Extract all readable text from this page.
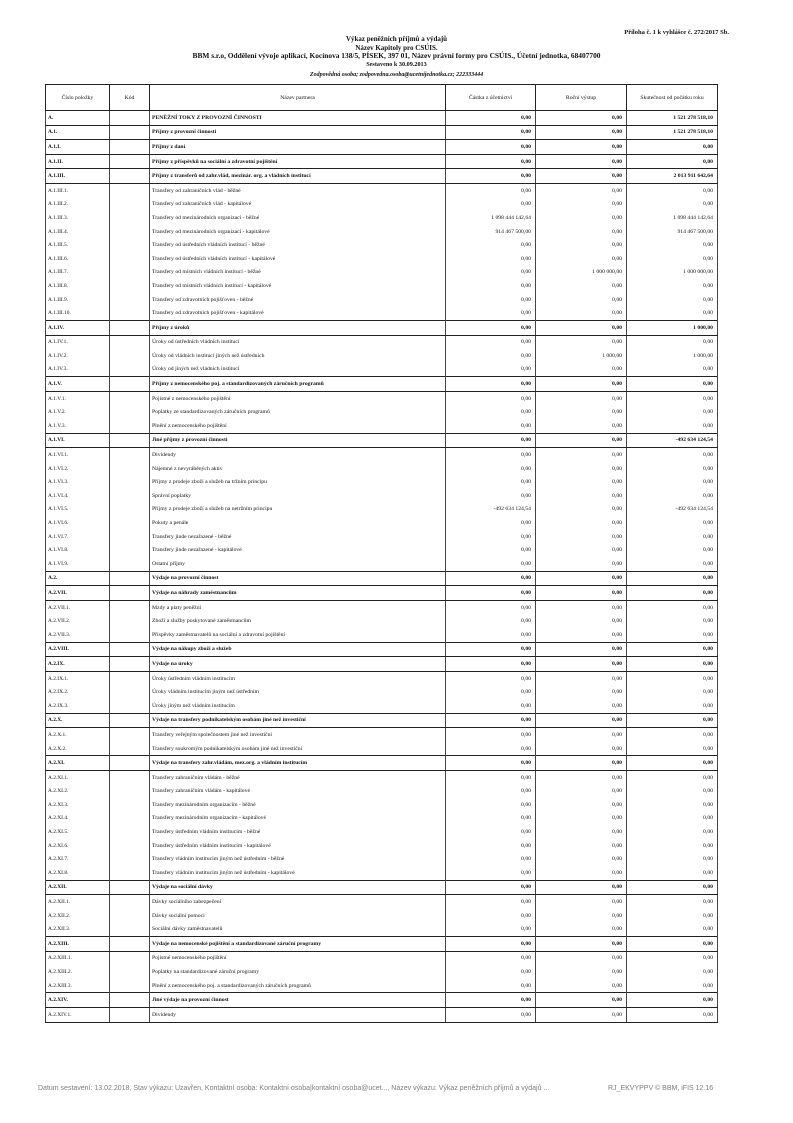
Příloha č. 1 k vyhlášce č. 272/2017 Sb.
Výkaz peněžních příjmů a výdajů
Název Kapitoly pro CSÚIS.
BBM s.r.o, Oddělení vývoje aplikací, Kocínova 138/5, PÍSEK, 397 01, Název právní formy pro CSÚIS., Účetní jednotka, 68407700
Sestaveno k 30.09.2013
Zodpovědná osoba; zodpovedna.osoba@ucetnijednotka.cz; 222333444
Číslo položky	Kód	Název partnera	Částka z účetnictví	Roční výstup	Skutečnost od počátku roku
A.		PENĚŽNÍ TOKY Z PROVOZNÍ ČINNOSTI	0,00	0,00	1 521 278 518,10
A.1.		Příjmy z provozní činnosti	0,00	0,00	1 521 278 518,10
A.1.I.		Příjmy z daní	0,00	0,00	0,00
A.1.II.		Příjmy z příspěvků na sociální a zdravotní pojištění	0,00	0,00	0,00
A.1.III.		Příjmy z transferů od zahr.vlád, mezinár. org. a vládních institucí	0,00	0,00	2 013 911 642,64
A.1.III.1.		Transfery od zahraničních vlád - běžné	0,00	0,00	0,00
A.1.III.2.		Transfery od zahraničních vlád - kapitálové	0,00	0,00	0,00
A.1.III.3.		Transfery od mezinárodních organizací - běžné	1 098 444 142,64	0,00	1 098 444 142,64
A.1.III.4.		Transfery od mezinárodních organizací - kapitálové	914 467 500,00	0,00	914 467 500,00
A.1.III.5.		Transfery od ústředních vládních institucí - běžné	0,00	0,00	0,00
A.1.III.6.		Transfery od ústředních vládních institucí - kapitálové	0,00	0,00	0,00
A.1.III.7.		Transfery od místních vládních institucí - běžné	0,00	1 000 000,00	1 000 000,00
A.1.III.8.		Transfery od místních vládních institucí - kapitálové	0,00	0,00	0,00
A.1.III.9.		Transfery od zdravotních pojišťoven - běžné	0,00	0,00	0,00
A.1.III.10.		Transfery od zdravotních pojišťoven - kapitálové	0,00	0,00	0,00
A.1.IV.		Příjmy z úroků	0,00	0,00	1 000,00
A.1.IV.1.		Úroky od ústředních vládních institucí	0,00	0,00	0,00
A.1.IV.2.		Úroky od vládních institucí jiných než ústředních	0,00	1 000,00	1 000,00
A.1.IV.3.		Úroky od jiných než vládních institucí	0,00	0,00	0,00
A.1.V.		Příjmy z nemocenského poj. a standardizovaných záručních programů	0,00	0,00	0,00
A.1.V.1.		Pojistné z nemocenského pojištění	0,00	0,00	0,00
A.1.V.2.		Poplatky ze standardizovaných záručních programů	0,00	0,00	0,00
A.1.V.3.		Plnění z nemocenského pojištění	0,00	0,00	0,00
A.1.VI.		Jiné příjmy z provozní činnosti	0,00	0,00	-492 634 124,54
A.1.VI.1.		Dividendy	0,00	0,00	0,00
A.1.VI.2.		Nájemné z nevyráběných aktiv	0,00	0,00	0,00
A.1.VI.3.		Příjmy z prodeje zboží a služeb na tržním principu	0,00	0,00	0,00
A.1.VI.4.		Správní poplatky	0,00	0,00	0,00
A.1.VI.5.		Příjmy z prodeje zboží a služeb na netržním principu	-492 634 124,54	0,00	-492 634 124,54
A.1.VI.6.		Pokuty a penále	0,00	0,00	0,00
A.1.VI.7.		Transfery jinde nezařazené - běžné	0,00	0,00	0,00
A.1.VI.8.		Transfery jinde nezařazené - kapitálové	0,00	0,00	0,00
A.1.VI.9.		Ostatní příjmy	0,00	0,00	0,00
A.2.		Výdaje na provozní činnost	0,00	0,00	0,00
A.2.VII.		Výdaje na náhrady zaměstnancům	0,00	0,00	0,00
A.2.VII.1.		Mzdy a platy peněžní	0,00	0,00	0,00
A.2.VII.2.		Zboží a služby poskytované zaměstnancům	0,00	0,00	0,00
A.2.VII.3.		Příspěvky zaměstnavatelů na sociální a zdravotní pojištění	0,00	0,00	0,00
A.2.VIII.		Výdaje na nákupy zboží a služeb	0,00	0,00	0,00
A.2.IX.		Výdaje na úroky	0,00	0,00	0,00
A.2.IX.1.		Úroky ústředním vládním institucím	0,00	0,00	0,00
A.2.IX.2.		Úroky vládním institucím jiným než ústředním	0,00	0,00	0,00
A.2.IX.3.		Úroky jiným než vládním institucím	0,00	0,00	0,00
A.2.X.		Výdaje na transfery podnikatelským osobám jiné než investiční	0,00	0,00	0,00
A.2.X.1.		Transfery veřejným společnostem jiné než investiční	0,00	0,00	0,00
A.2.X.2.		Transfery soukromým podnikatelským osobám jiné než investiční	0,00	0,00	0,00
A.2.XI.		Výdaje na transfery zahr.vládám, mez.org. a vládním institucím	0,00	0,00	0,00
A.2.XI.1.		Transfery zahraničním vládám - běžné	0,00	0,00	0,00
A.2.XI.2.		Transfery zahraničním vládám - kapitálové	0,00	0,00	0,00
A.2.XI.3.		Transfery mezinárodním organizacím - běžné	0,00	0,00	0,00
A.2.XI.4.		Transfery mezinárodním organizacím - kapitálové	0,00	0,00	0,00
A.2.XI.5.		Transfery ústředním vládním institucím - běžné	0,00	0,00	0,00
A.2.XI.6.		Transfery ústředním vládním institucím - kapitálové	0,00	0,00	0,00
A.2.XI.7.		Transfery vládním institucím jiným než ústředním - běžné	0,00	0,00	0,00
A.2.XI.8.		Transfery vládním institucím jiným než ústředním - kapitálové	0,00	0,00	0,00
A.2.XII.		Výdaje na sociální dávky	0,00	0,00	0,00
A.2.XII.1.		Dávky sociálního zabezpečení	0,00	0,00	0,00
A.2.XII.2.		Dávky sociální pomoci	0,00	0,00	0,00
A.2.XII.3.		Sociální dávky zaměstnavatelů	0,00	0,00	0,00
A.2.XIII.		Výdaje na nemocenské pojištění a standardizované záruční programy	0,00	0,00	0,00
A.2.XIII.1.		Pojistné nemocenského pojištění	0,00	0,00	0,00
A.2.XIII.2.		Poplatky na standardizované záruční programy	0,00	0,00	0,00
A.2.XIII.3.		Plnění z nemocenského poj. a standardizovaných záručních programů	0,00	0,00	0,00
A.2.XIV.		Jiné výdaje na provozní činnost	0,00	0,00	0,00
A.2.XIV.1.		Dividendy	0,00	0,00	0,00
Datum sestavení: 13.02.2018, Stav výkazu: Uzavřen, Kontaktní osoba: Kontaktní osoba|kontaktní osoba@ucet..., Název výkazu: Výkaz peněžních příjmů a výdajů ...	RJ_EKVYPPV © BBM, iFIS 12.16
